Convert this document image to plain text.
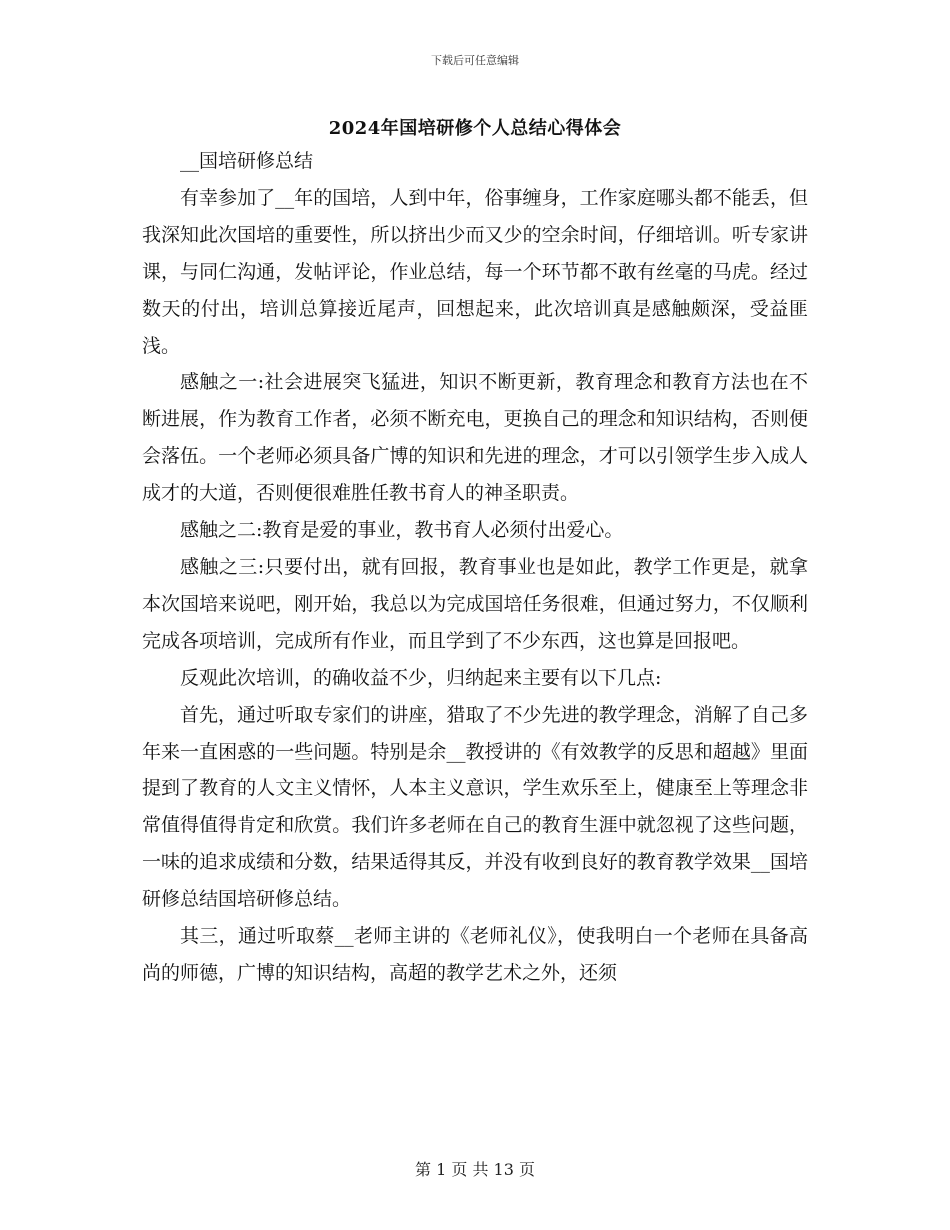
下载后可任意编辑
2024年国培研修个人总结心得体会

__国培研修总结

有幸参加了__年的国培，人到中年，俗事缠身，工作家庭哪头都不能丢，但我深知此次国培的重要性，所以挤出少而又少的空余时间，仔细培训。听专家讲课，与同仁沟通，发帖评论，作业总结，每一个环节都不敢有丝毫的马虎。经过数天的付出，培训总算接近尾声，回想起来，此次培训真是感触颇深，受益匪浅。

感触之一:社会进展突飞猛进，知识不断更新，教育理念和教育方法也在不断进展，作为教育工作者，必须不断充电，更换自己的理念和知识结构，否则便会落伍。一个老师必须具备广博的知识和先进的理念，才可以引领学生步入成人成才的大道，否则便很难胜任教书育人的神圣职责。

感触之二:教育是爱的事业，教书育人必须付出爱心。

感触之三:只要付出，就有回报，教育事业也是如此，教学工作更是，就拿本次国培来说吧，刚开始，我总以为完成国培任务很难，但通过努力，不仅顺利完成各项培训，完成所有作业，而且学到了不少东西，这也算是回报吧。

反观此次培训，的确收益不少，归纳起来主要有以下几点:

首先，通过听取专家们的讲座，猎取了不少先进的教学理念，消解了自己多年来一直困惑的一些问题。特别是余__教授讲的《有效教学的反思和超越》里面提到了教育的人文主义情怀，人本主义意识，学生欢乐至上，健康至上等理念非常值得值得肯定和欣赏。我们许多老师在自己的教育生涯中就忽视了这些问题，一味的追求成绩和分数，结果适得其反，并没有收到良好的教育教学效果__国培研修总结国培研修总结。

其三，通过听取蔡__老师主讲的《老师礼仪》，使我明白一个老师在具备高尚的师德，广博的知识结构，高超的教学艺术之外，还须

第 1 页 共 13 页
